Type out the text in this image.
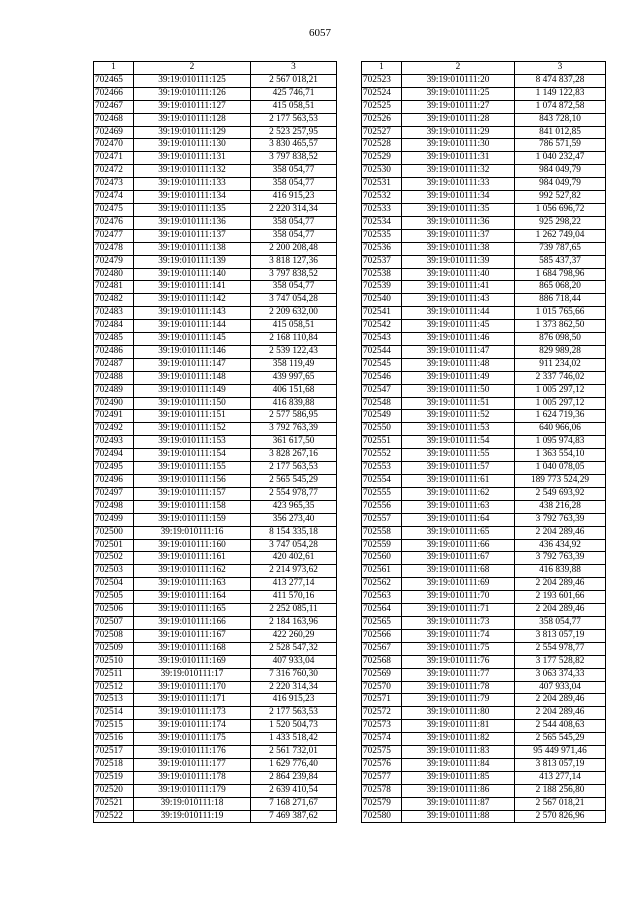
6057
1	2	3
702465	39:19:010111:125	2 567 018,21
702466	39:19:010111:126	425 746,71
702467	39:19:010111:127	415 058,51
702468	39:19:010111:128	2 177 563,53
702469	39:19:010111:129	2 523 257,95
702470	39:19:010111:130	3 830 465,57
702471	39:19:010111:131	3 797 838,52
702472	39:19:010111:132	358 054,77
702473	39:19:010111:133	358 054,77
702474	39:19:010111:134	416 915,23
702475	39:19:010111:135	2 220 314,34
702476	39:19:010111:136	358 054,77
702477	39:19:010111:137	358 054,77
702478	39:19:010111:138	2 200 208,48
702479	39:19:010111:139	3 818 127,36
702480	39:19:010111:140	3 797 838,52
702481	39:19:010111:141	358 054,77
702482	39:19:010111:142	3 747 054,28
702483	39:19:010111:143	2 209 632,00
702484	39:19:010111:144	415 058,51
702485	39:19:010111:145	2 168 110,84
702486	39:19:010111:146	2 539 122,43
702487	39:19:010111:147	358 119,49
702488	39:19:010111:148	439 997,65
702489	39:19:010111:149	406 151,68
702490	39:19:010111:150	416 839,88
702491	39:19:010111:151	2 577 586,95
702492	39:19:010111:152	3 792 763,39
702493	39:19:010111:153	361 617,50
702494	39:19:010111:154	3 828 267,16
702495	39:19:010111:155	2 177 563,53
702496	39:19:010111:156	2 565 545,29
702497	39:19:010111:157	2 554 978,77
702498	39:19:010111:158	423 965,35
702499	39:19:010111:159	356 273,40
702500	39:19:010111:16	8 154 335,18
702501	39:19:010111:160	3 747 054,28
702502	39:19:010111:161	420 402,61
702503	39:19:010111:162	2 214 973,62
702504	39:19:010111:163	413 277,14
702505	39:19:010111:164	411 570,16
702506	39:19:010111:165	2 252 085,11
702507	39:19:010111:166	2 184 163,96
702508	39:19:010111:167	422 260,29
702509	39:19:010111:168	2 528 547,32
702510	39:19:010111:169	407 933,04
702511	39:19:010111:17	7 316 760,30
702512	39:19:010111:170	2 220 314,34
702513	39:19:010111:171	416 915,23
702514	39:19:010111:173	2 177 563,53
702515	39:19:010111:174	1 520 504,73
702516	39:19:010111:175	1 433 518,42
702517	39:19:010111:176	2 561 732,01
702518	39:19:010111:177	1 629 776,40
702519	39:19:010111:178	2 864 239,84
702520	39:19:010111:179	2 639 410,54
702521	39:19:010111:18	7 168 271,67
702522	39:19:010111:19	7 469 387,62
1	2	3
702523	39:19:010111:20	8 474 837,28
702524	39:19:010111:25	1 149 122,83
702525	39:19:010111:27	1 074 872,58
702526	39:19:010111:28	843 728,10
702527	39:19:010111:29	841 012,85
702528	39:19:010111:30	786 571,59
702529	39:19:010111:31	1 040 232,47
702530	39:19:010111:32	984 049,79
702531	39:19:010111:33	984 049,79
702532	39:19:010111:34	992 527,82
702533	39:19:010111:35	1 056 696,72
702534	39:19:010111:36	925 298,22
702535	39:19:010111:37	1 262 749,04
702536	39:19:010111:38	739 787,65
702537	39:19:010111:39	585 437,37
702538	39:19:010111:40	1 684 798,96
702539	39:19:010111:41	865 068,20
702540	39:19:010111:43	886 718,44
702541	39:19:010111:44	1 015 765,66
702542	39:19:010111:45	1 373 862,50
702543	39:19:010111:46	876 098,50
702544	39:19:010111:47	829 989,28
702545	39:19:010111:48	911 234,02
702546	39:19:010111:49	2 337 746,02
702547	39:19:010111:50	1 005 297,12
702548	39:19:010111:51	1 005 297,12
702549	39:19:010111:52	1 624 719,36
702550	39:19:010111:53	640 966,06
702551	39:19:010111:54	1 095 974,83
702552	39:19:010111:55	1 363 554,10
702553	39:19:010111:57	1 040 078,05
702554	39:19:010111:61	189 773 524,29
702555	39:19:010111:62	2 549 693,92
702556	39:19:010111:63	438 216,28
702557	39:19:010111:64	3 792 763,39
702558	39:19:010111:65	2 204 289,46
702559	39:19:010111:66	436 434,92
702560	39:19:010111:67	3 792 763,39
702561	39:19:010111:68	416 839,88
702562	39:19:010111:69	2 204 289,46
702563	39:19:010111:70	2 193 601,66
702564	39:19:010111:71	2 204 289,46
702565	39:19:010111:73	358 054,77
702566	39:19:010111:74	3 813 057,19
702567	39:19:010111:75	2 554 978,77
702568	39:19:010111:76	3 177 528,82
702569	39:19:010111:77	3 063 374,33
702570	39:19:010111:78	407 933,04
702571	39:19:010111:79	2 204 289,46
702572	39:19:010111:80	2 204 289,46
702573	39:19:010111:81	2 544 408,63
702574	39:19:010111:82	2 565 545,29
702575	39:19:010111:83	95 449 971,46
702576	39:19:010111:84	3 813 057,19
702577	39:19:010111:85	413 277,14
702578	39:19:010111:86	2 188 256,80
702579	39:19:010111:87	2 567 018,21
702580	39:19:010111:88	2 570 826,96
